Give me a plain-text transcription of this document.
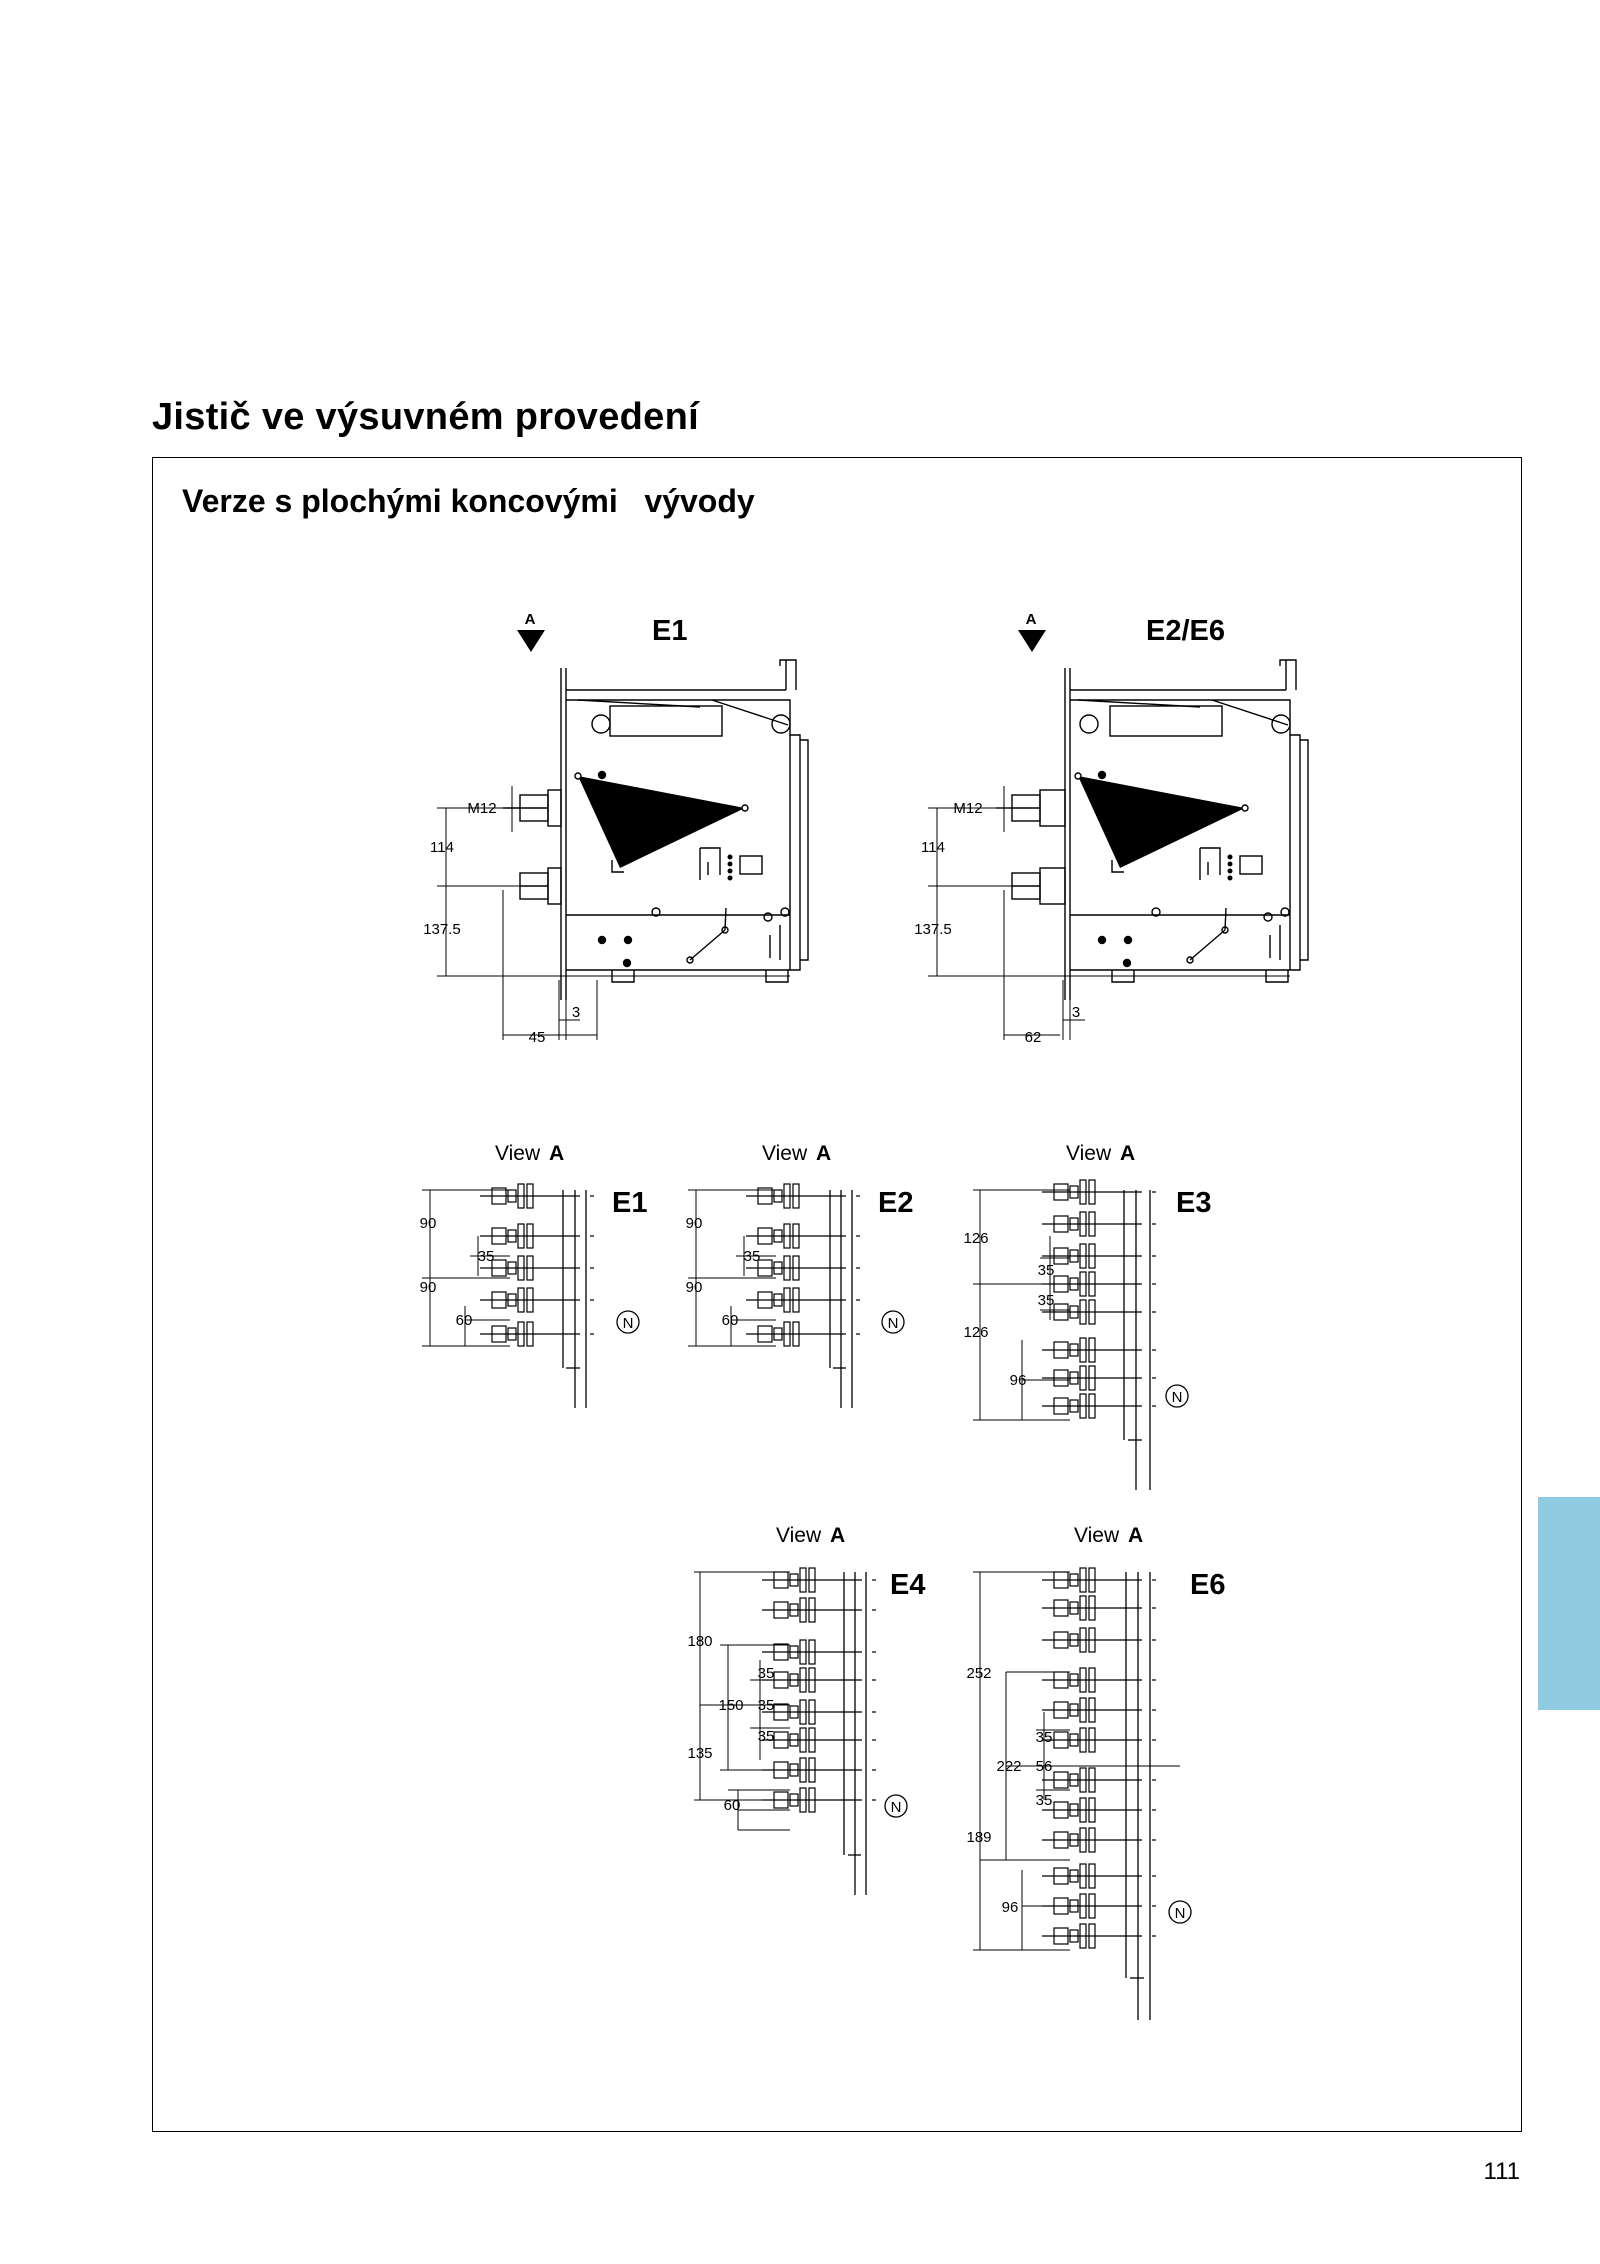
Jistič ve výsuvném provedení
Verze s plochými koncovými   vývody
A	E1
M12
114
137.5
3
45
A	E2/E6
M12
114
137.5
3
62
View A
E1
N
90
35
90
60
View A
E2
N
90
35
90
60
View A
E3
N
126
35
35
126
96
View A
E4
N
180
35
150 35
35
135
60
View A
E6
N
252
35
222 56
35
189
96
111
